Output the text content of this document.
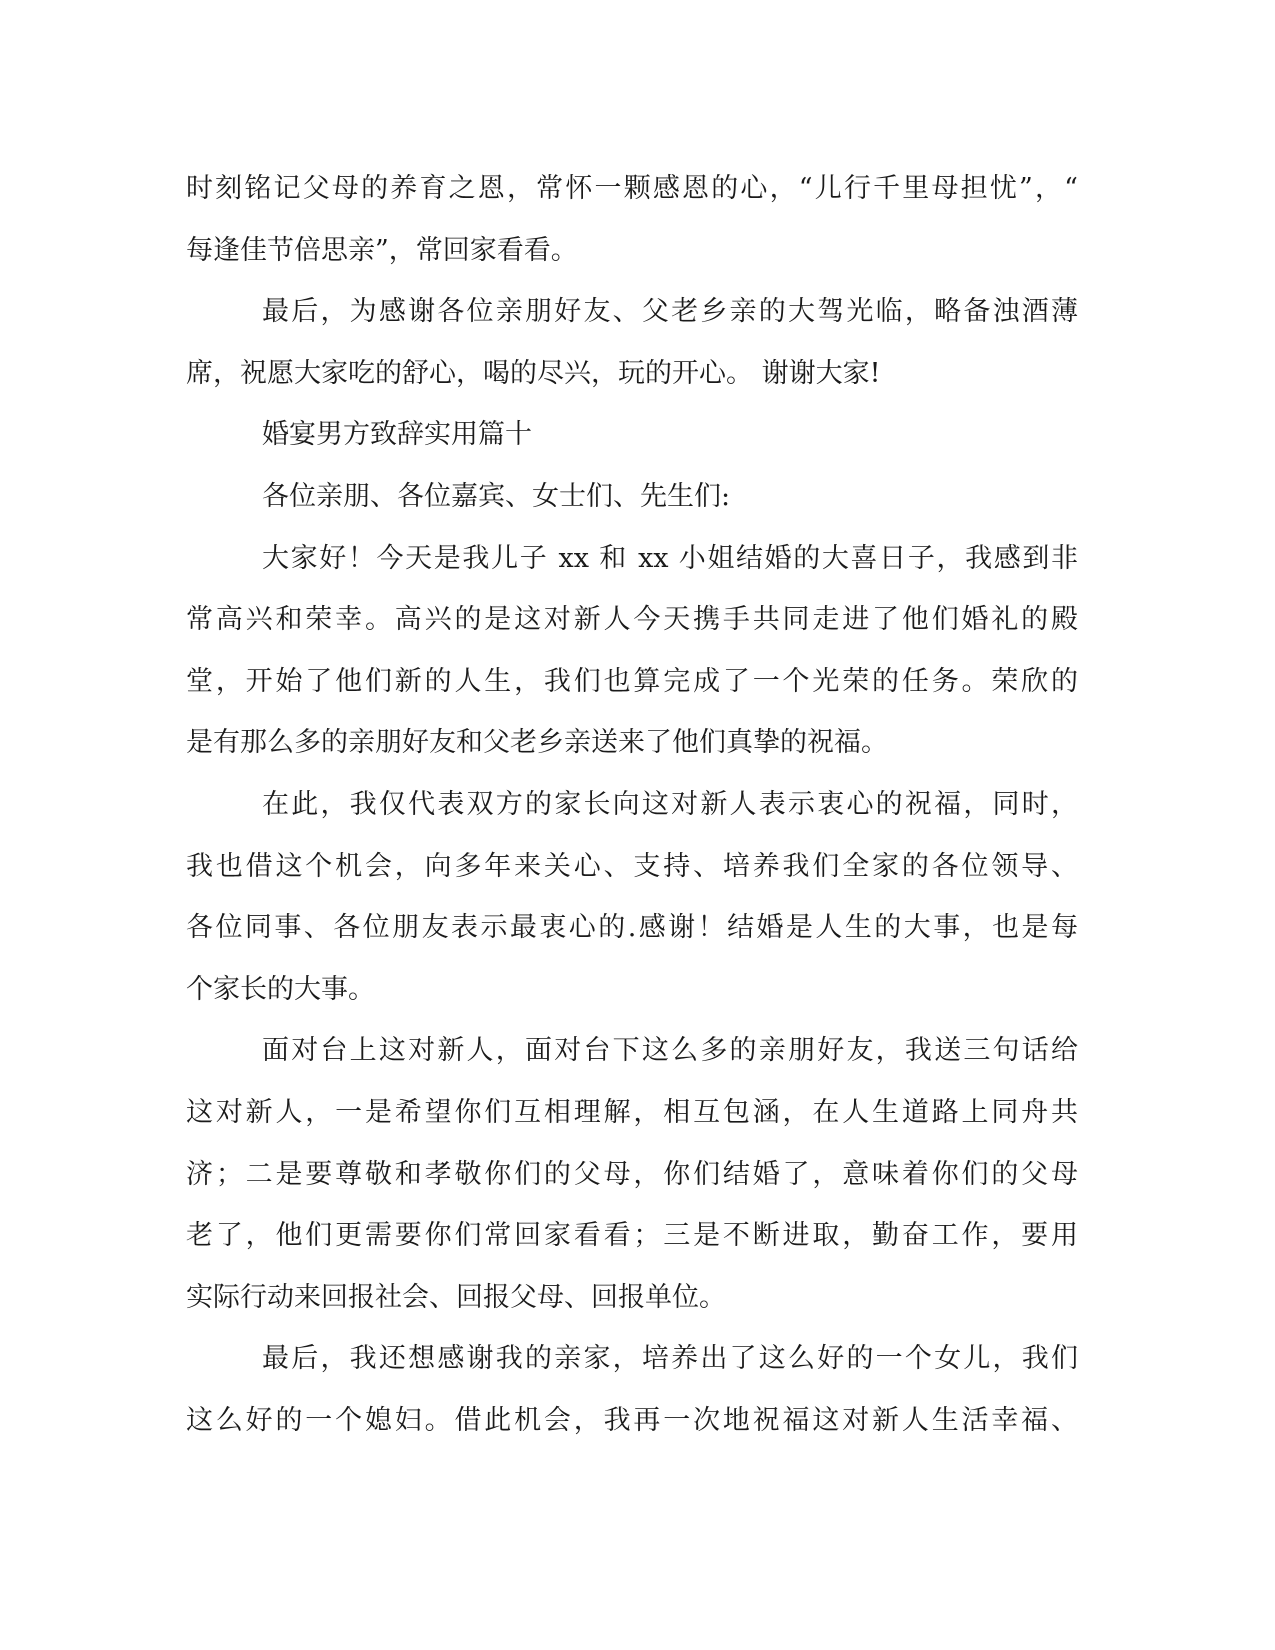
时刻铭记父母的养育之恩，常怀一颗感恩的心，“儿行千里母担忧”，“
每逢佳节倍思亲”，常回家看看。
最后，为感谢各位亲朋好友、父老乡亲的大驾光临，略备浊酒薄
席，祝愿大家吃的舒心，喝的尽兴，玩的开心。 谢谢大家!
婚宴男方致辞实用篇十
各位亲朋、各位嘉宾、女士们、先生们:
大家好！今天是我儿子 xx 和 xx 小姐结婚的大喜日子，我感到非
常高兴和荣幸。高兴的是这对新人今天携手共同走进了他们婚礼的殿
堂，开始了他们新的人生，我们也算完成了一个光荣的任务。荣欣的
是有那么多的亲朋好友和父老乡亲送来了他们真挚的祝福。
在此，我仅代表双方的家长向这对新人表示衷心的祝福，同时，
我也借这个机会，向多年来关心、支持、培养我们全家的各位领导、
各位同事、各位朋友表示最衷心的.感谢！结婚是人生的大事，也是每
个家长的大事。
面对台上这对新人，面对台下这么多的亲朋好友，我送三句话给
这对新人，一是希望你们互相理解，相互包涵，在人生道路上同舟共
济；二是要尊敬和孝敬你们的父母，你们结婚了，意味着你们的父母
老了，他们更需要你们常回家看看；三是不断进取，勤奋工作，要用
实际行动来回报社会、回报父母、回报单位。
最后，我还想感谢我的亲家，培养出了这么好的一个女儿，我们
这么好的一个媳妇。借此机会，我再一次地祝福这对新人生活幸福、
